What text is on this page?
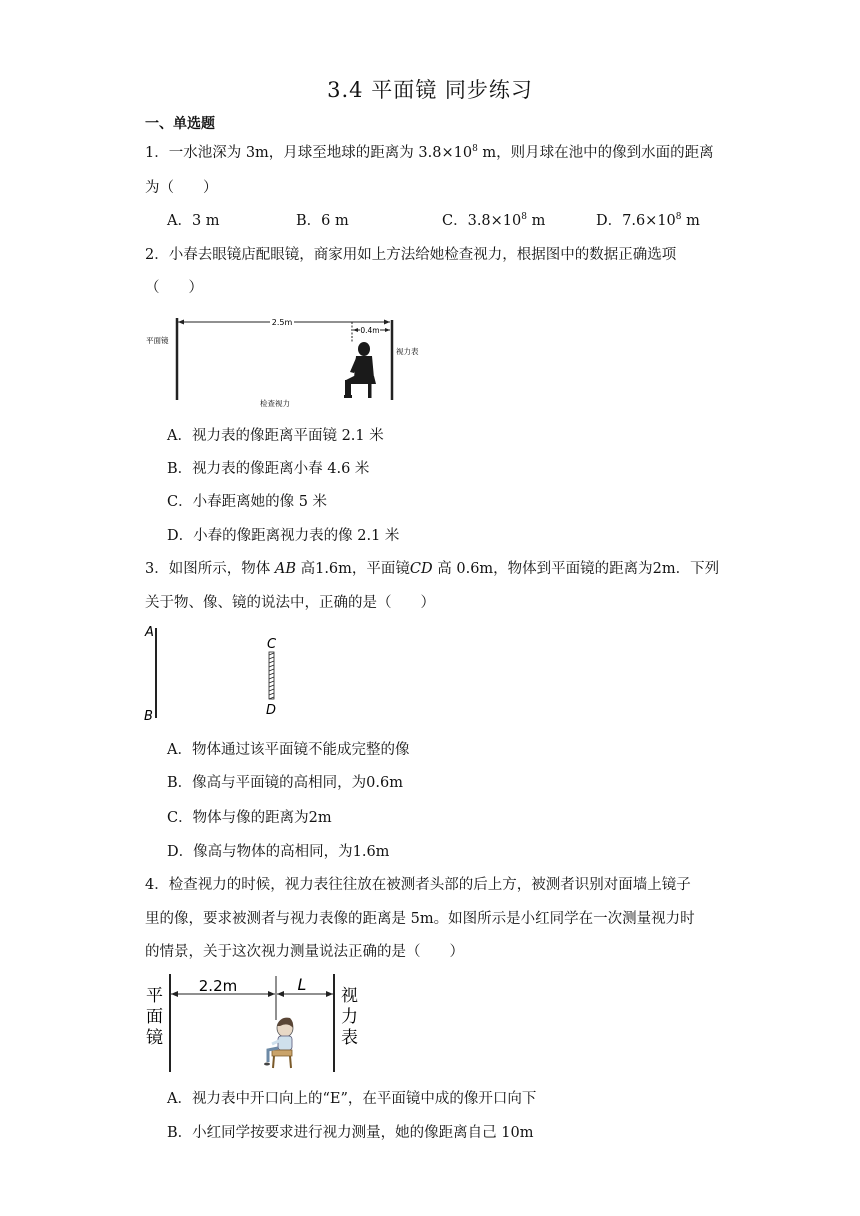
3.4 平面镜 同步练习
一、单选题
1．一水池深为 3m，月球至地球的距离为 $3.8\times 10^8$ m，则月球在池中的像到水面的距离
为（　　）
A．3 m	B．6 m	C．$3.8\times 10^8$ m	D．$7.6\times 10^8$ m
2．小春去眼镜店配眼镜，商家用如上方法给她检查视力，根据图中的数据正确选项
（　　）
2.5m
0.4m
平面镜
视力表
检查视力
A．视力表的像距离平面镜 2.1 米
B．视力表的像距离小春 4.6 米
C．小春距离她的像 5 米
D．小春的像距离视力表的像 2.1 米
3．如图所示，物体 AB 高1.6m，平面镜CD 高 0.6m，物体到平面镜的距离为2m．下列
关于物、像、镜的说法中，正确的是（　　）
A
B
C
D
A．物体通过该平面镜不能成完整的像
B．像高与平面镜的高相同，为0.6m
C．物体与像的距离为2m
D．像高与物体的高相同，为1.6m
4．检查视力的时候，视力表往往放在被测者头部的后上方，被测者识别对面墙上镜子
里的像，要求被测者与视力表像的距离是 5m。如图所示是小红同学在一次测量视力时
的情景，关于这次视力测量说法正确的是（　　）
2.2m	L
平
面
镜
视
力
表
A．视力表中开口向上的“E”，在平面镜中成的像开口向下
B．小红同学按要求进行视力测量，她的像距离自己 10m
